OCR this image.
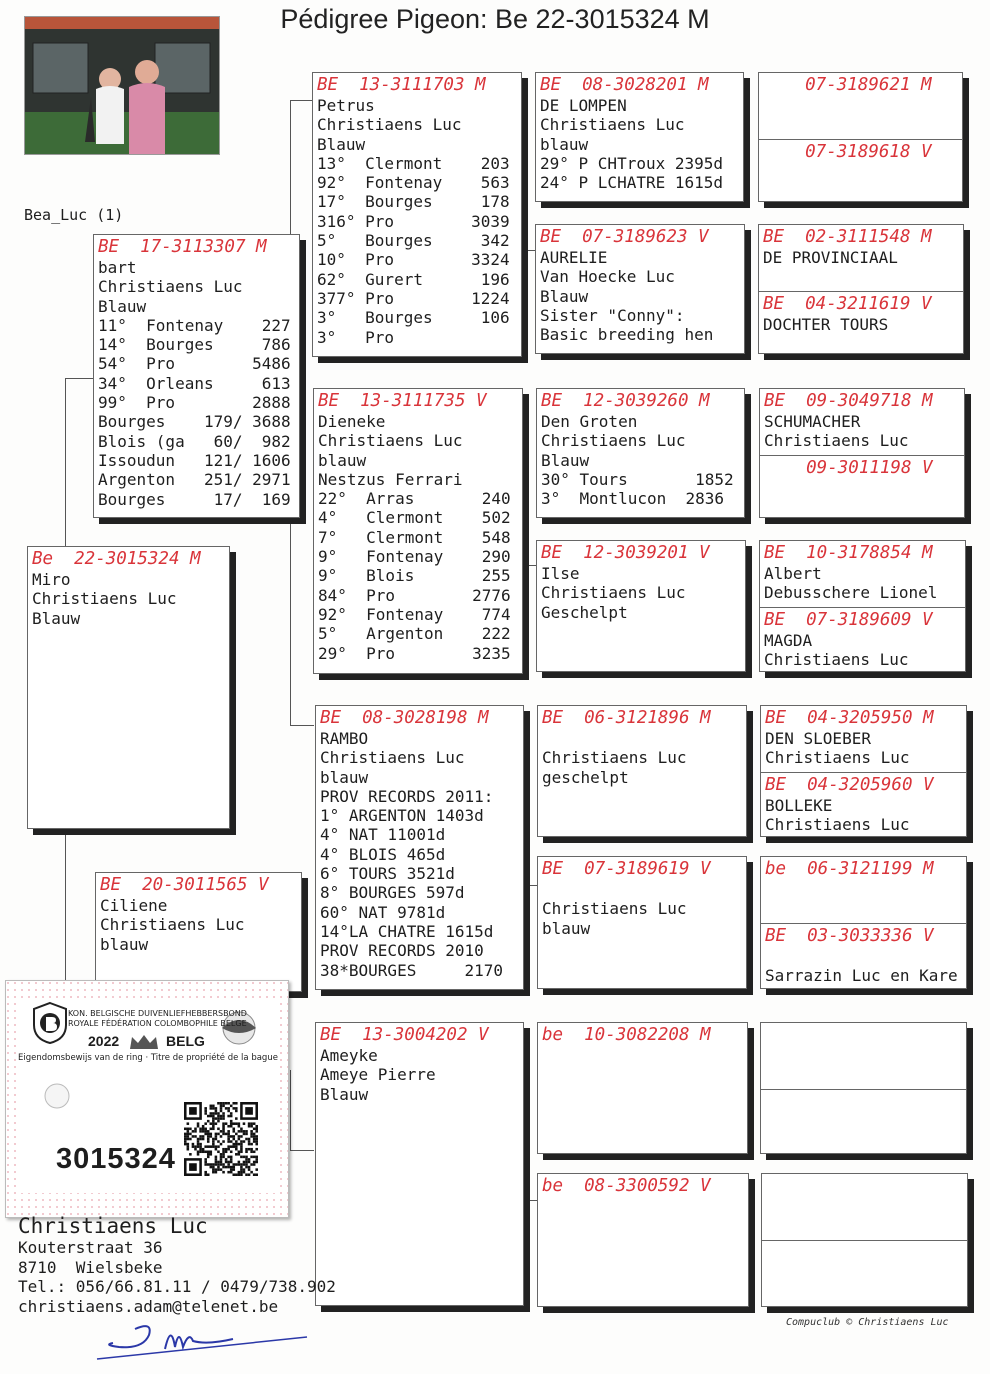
Pédigree Pigeon: Be 22-3015324 M
Bea_Luc (1)
Be  22-3015324 M
Miro
Christiaens Luc
Blauw
BE  17-3113307 M
bart
Christiaens Luc
Blauw
11°  Fontenay    227
14°  Bourges     786
54°  Pro        5486
34°  Orleans     613
99°  Pro        2888
Bourges    179/ 3688
Blois (ga   60/  982
Issoudun   121/ 1606
Argenton   251/ 2971
Bourges     17/  169
BE  20-3011565 V
Ciliene
Christiaens Luc
blauw
BE  13-3111703 M
Petrus
Christiaens Luc
Blauw
13°  Clermont    203
92°  Fontenay    563
17°  Bourges     178
316° Pro        3039
5°   Bourges     342
10°  Pro        3324
62°  Gurert      196
377° Pro        1224
3°   Bourges     106
3°   Pro
BE  13-3111735 V
Dieneke
Christiaens Luc
blauw
Nestzus Ferrari
22°  Arras       240
4°   Clermont    502
7°   Clermont    548
9°   Fontenay    290
9°   Blois       255
84°  Pro        2776
92°  Fontenay    774
5°   Argenton    222
29°  Pro        3235
BE  08-3028198 M
RAMBO
Christiaens Luc
blauw
PROV RECORDS 2011:
1° ARGENTON 1403d
4° NAT 11001d
4° BLOIS 465d
6° TOURS 3521d
8° BOURGES 597d
60° NAT 9781d
14°LA CHATRE 1615d
PROV RECORDS 2010
38*BOURGES     2170
BE  13-3004202 V
Ameyke
Ameye Pierre
Blauw
BE  08-3028201 M
DE LOMPEN
Christiaens Luc
blauw
29° P CHTroux 2395d
24° P LCHATRE 1615d
BE  07-3189623 V
AURELIE
Van Hoecke Luc
Blauw
Sister "Conny":
Basic breeding hen
BE  12-3039260 M
Den Groten
Christiaens Luc
Blauw
30° Tours       1852
3°  Montlucon  2836
BE  12-3039201 V
Ilse
Christiaens Luc
Geschelpt
BE  06-3121896 M

Christiaens Luc
geschelpt
BE  07-3189619 V

Christiaens Luc
blauw
be  10-3082208 M
be  08-3300592 V
07-3189621 M
07-3189618 V
BE  02-3111548 M
DE PROVINCIAAL
BE  04-3211619 V
DOCHTER TOURS
BE  09-3049718 M
SCHUMACHER
Christiaens Luc
09-3011198 V
BE  10-3178854 M
Albert
Debusschere Lionel
BE  07-3189609 V
MAGDA
Christiaens Luc
BE  04-3205950 M
DEN SLOEBER
Christiaens Luc
BE  04-3205960 V
BOLLEKE
Christiaens Luc
be  06-3121199 M
BE  03-3033336 V

Sarrazin Luc en Kare
KON. BELGISCHE DUIVENLIEFHEBBERSBOND
ROYALE FÉDÉRATION COLOMBOPHILE BELGE
2022	BELG
Eigendomsbewijs van de ring · Titre de propriété de la bague
3015324
Christiaens Luc
Kouterstraat 36
8710  Wielsbeke
Tel.: 056/66.81.11 / 0479/738.902
christiaens.adam@telenet.be
Compuclub © Christiaens Luc
